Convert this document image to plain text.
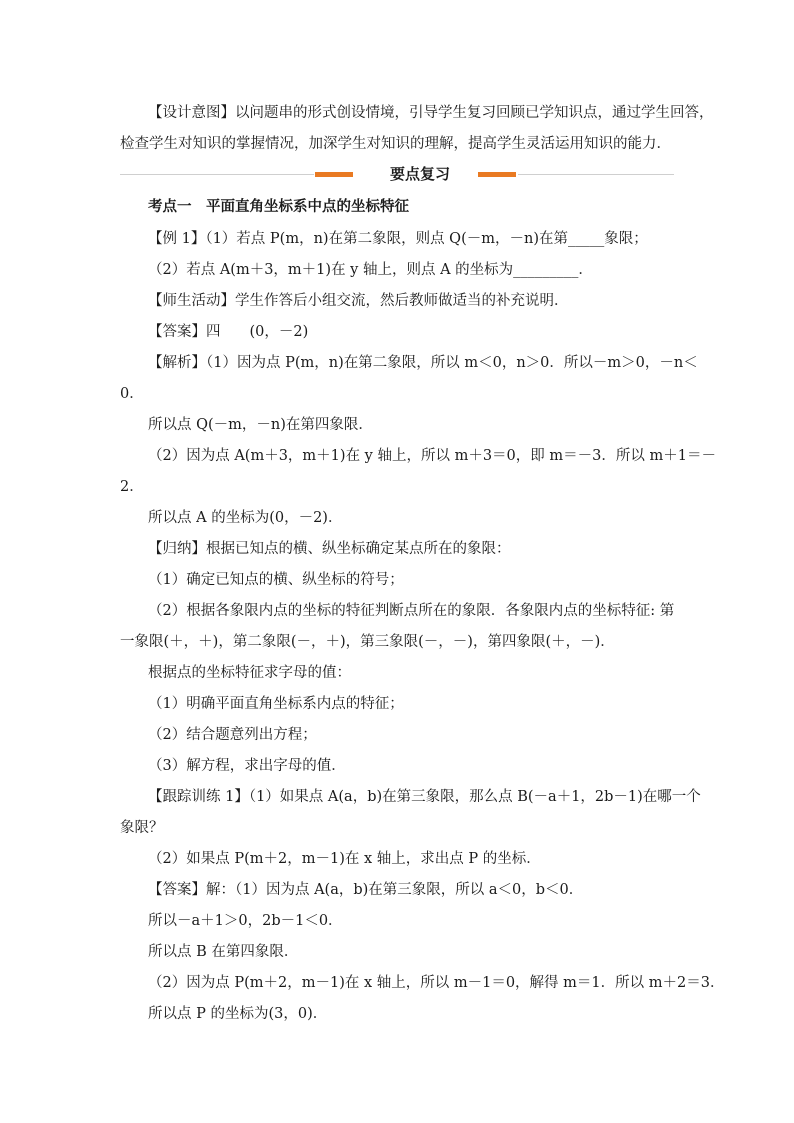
【设计意图】以问题串的形式创设情境，引导学生复习回顾已学知识点，通过学生回答，
检查学生对知识的掌握情况，加深学生对知识的理解，提高学生灵活运用知识的能力．
要点复习
考点一　平面直角坐标系中点的坐标特征
【例 1】（1）若点 P(m，n)在第二象限，则点 Q(－m，－n)在第_____象限；
（2）若点 A(m＋3，m＋1)在 y 轴上，则点 A 的坐标为_________．
【师生活动】学生作答后小组交流，然后教师做适当的补充说明．
【答案】四　　(0，－2)
【解析】（1）因为点 P(m，n)在第二象限，所以 m＜0，n＞0．所以－m＞0，－n＜
0．
所以点 Q(－m，－n)在第四象限．
（2）因为点 A(m＋3，m＋1)在 y 轴上，所以 m＋3＝0，即 m＝－3．所以 m＋1＝－
2．
所以点 A 的坐标为(0，－2)．
【归纳】根据已知点的横、纵坐标确定某点所在的象限：
（1）确定已知点的横、纵坐标的符号；
（2）根据各象限内点的坐标的特征判断点所在的象限．各象限内点的坐标特征: 第
一象限(＋，＋)，第二象限(－，＋)，第三象限(－，－)，第四象限(＋，－)．
根据点的坐标特征求字母的值：
（1）明确平面直角坐标系内点的特征；
（2）结合题意列出方程；
（3）解方程，求出字母的值．
【跟踪训练 1】（1）如果点 A(a，b)在第三象限，那么点 B(－a＋1，2b－1)在哪一个
象限？
（2）如果点 P(m＋2，m－1)在 x 轴上，求出点 P 的坐标．
【答案】解：（1）因为点 A(a，b)在第三象限，所以 a＜0，b＜0．
所以－a＋1＞0，2b－1＜0．
所以点 B 在第四象限．
（2）因为点 P(m＋2，m－1)在 x 轴上，所以 m－1＝0，解得 m＝1．所以 m＋2＝3．
所以点 P 的坐标为(3，0)．
